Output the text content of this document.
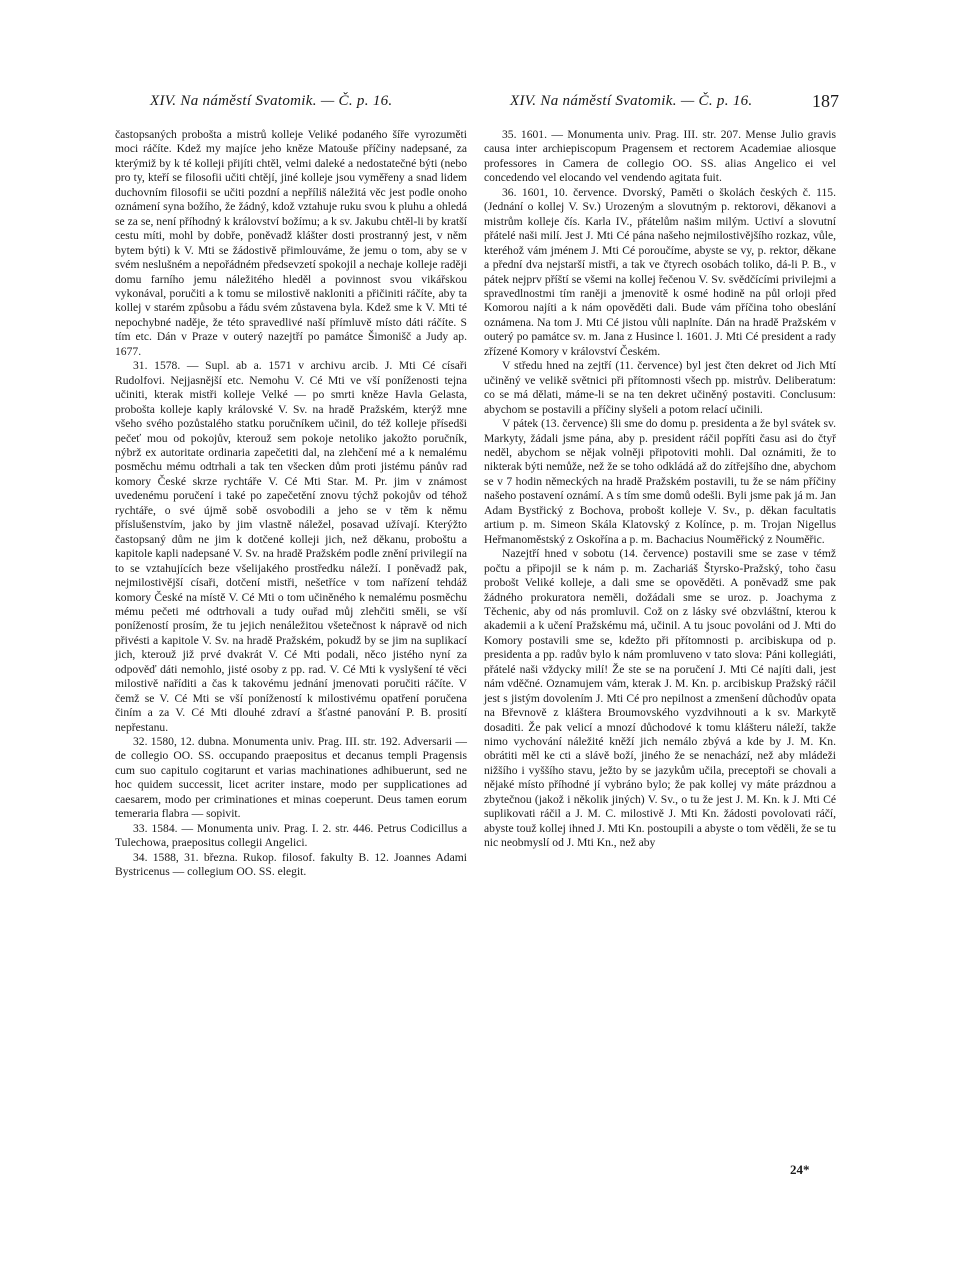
XIV. Na náměstí Svatomik. — Č. p. 16.	XIV. Na náměstí Svatomik. — Č. p. 16.	187

častopsaných probošta a mistrů kolleje Veliké podaného šíře vyrozuměti moci ráčíte. Kdež my majíce jeho kněze Matouše příčiny nadepsané, za kterýmiž by k té kolleji přijíti chtěl, velmi daleké a nedostatečné býti (nebo pro ty, kteří se filosofii učiti chtějí, jiné kolleje jsou vyměřeny a snad lidem duchovním filosofii se učiti pozdní a nepříliš náležitá věc jest podle onoho oznámení syna božího, že žádný, kdož vztahuje ruku svou k pluhu a ohledá se za se, není příhodný k království božímu; a k sv. Jakubu chtěl-li by kratší cestu míti, mohl by dobře, poněvadž klášter dosti prostranný jest, v něm bytem býti) k V. Mti se žádostivě přimlouváme, že jemu o tom, aby se v svém neslušném a nepořádném předsevzetí spokojil a nechaje kolleje raději domu farního jemu náležitého hleděl a povinnost svou vikářskou vykonával, poručiti a k tomu se milostivě nakloniti a přičiniti ráčíte, aby ta kollej v starém způsobu a řádu svém zůstavena byla. Kdež sme k V. Mti té nepochybné naděje, že této spravedlivé naší přímluvě místo dáti ráčíte. S tím etc. Dán v Praze v outerý nazejtří po památce Šimonišč a Judy ap. 1677.

31. 1578. — Supl. ab a. 1571 v archivu arcib. J. Mti Cé císaři Rudolfovi. Nejjasnější etc. Nemohu V. Cé Mti ve vší poníženosti tejna učiniti, kterak mistři kolleje Velké — po smrti kněze Havla Gelasta, probošta kolleje kaply královské V. Sv. na hradě Pražském, kterýž mne všeho svého pozůstalého statku poručníkem učinil, do též kolleje přísedši pečeť mou od pokojův, kterouž sem pokoje netoliko jakožto poručník, nýbrž ex autoritate ordinaria zapečetiti dal, na zlehčení mé a k nemalému posměchu mému odtrhali a tak ten všecken dům proti jistému pánův rad komory České skrze rychtáře V. Cé Mti Star. M. Pr. jim v známost uvedenému poručení i také po zapečetění znovu týchž pokojův od téhož rychtáře, o své újmě sobě osvobodili a jeho se v těm k němu příslušenstvím, jako by jim vlastně náležel, posavad užívají. Kterýžto častopsaný dům ne jim k dotčené kolleji jich, než děkanu, proboštu a kapitole kapli nadepsané V. Sv. na hradě Pražském podle znění privilegií na to se vztahujících beze všelijakého prostředku náleží. I poněvadž pak, nejmilostivější císaři, dotčení mistři, nešetříce v tom nařízení tehdáž komory České na místě V. Cé Mti o tom učiněného k nemalému posměchu mému pečeti mé odtrhovali a tudy ouřad můj zlehčiti směli, se vší ponížeností prosím, že tu jejich nenáležitou všetečnost k nápravě od nich přivésti a kapitole V. Sv. na hradě Pražském, pokudž by se jim na suplikací jich, kterouž již prvé dvakrát V. Cé Mti podali, něco jistého nyní za odpověď dáti nemohlo, jisté osoby z pp. rad. V. Cé Mti k vyslyšení té věci milostivě naříditi a čas k takovému jednání jmenovati poručiti ráčíte. V čemž se V. Cé Mti se vší ponížeností k milostivému opatření poručena činím a za V. Cé Mti dlouhé zdraví a šťastné panování P. B. prosití nepřestanu.

32. 1580, 12. dubna. Monumenta univ. Prag. III. str. 192. Adversarii — de collegio OO. SS. occupando praepositus et decanus templi Pragensis cum suo capitulo cogitarunt et varias machinationes adhibuerunt, sed ne hoc quidem successit, licet acriter instare, modo per supplicationes ad caesarem, modo per criminationes et minas coeperunt. Deus tamen eorum temeraria flabra — sopivit.

33. 1584. — Monumenta univ. Prag. I. 2. str. 446. Petrus Codicillus a Tulechowa, praepositus collegii Angelici.

34. 1588, 31. března. Rukop. filosof. fakulty B. 12. Joannes Adami Bystricenus — collegium OO. SS. elegit.

35. 1601. — Monumenta univ. Prag. III. str. 207. Mense Julio gravis causa inter archiepiscopum Pragensem et rectorem Academiae aliosque professores in Camera de collegio OO. SS. alias Angelico ei vel concedendo vel elocando vel vendendo agitata fuit.

36. 1601, 10. července. Dvorský, Paměti o školách českých č. 115. (Jednání o kollej V. Sv.) Urozeným a slovutným p. rektorovi, děkanovi a mistrům kolleje čís. Karla IV., přátelům našim milým. Uctiví a slovutní přátelé naši milí. Jest J. Mti Cé pána našeho nejmilostivějšího rozkaz, vůle, kteréhož vám jménem J. Mti Cé poroučíme, abyste se vy, p. rektor, děkane a přední dva nejstarší mistři, a tak ve čtyrech osobách toliko, dá-li P. B., v pátek nejprv příští se všemi na kollej řečenou V. Sv. svědčícími privilejmi a spravedlnostmi tím raněji a jmenovitě k osmé hodině na půl orloji před Komorou najíti a k nám opověděti dali. Bude vám příčina toho obeslání oznámena. Na tom J. Mti Cé jistou vůli naplníte. Dán na hradě Pražském v outerý po památce sv. m. Jana z Husince l. 1601. J. Mti Cé president a rady zřízené Komory v království Českém.

V středu hned na zejtří (11. července) byl jest čten dekret od Jich Mtí učiněný ve velikě světnici při přítomnosti všech pp. mistrův. Deliberatum: co se má dělati, máme-li se na ten dekret učiněný postaviti. Conclusum: abychom se postavili a příčiny slyšeli a potom relací učinili.

V pátek (13. července) šli sme do domu p. presidenta a že byl svátek sv. Markyty, žádali jsme pána, aby p. president ráčil popříti času asi do čtyř neděl, abychom se nějak volněji připotoviti mohli. Dal oznámiti, že to nikterak býti nemůže, než že se toho odkládá až do zítřejšího dne, abychom se v 7 hodin německých na hradě Pražském postavili, tu že se nám příčiny našeho postavení oznámí. A s tím sme domů odešli. Byli jsme pak já m. Jan Adam Bystřický z Bochova, probošt kolleje V. Sv., p. děkan facultatis artium p. m. Simeon Skála Klatovský z Kolínce, p. m. Trojan Nigellus Heřmanoměstský z Oskořína a p. m. Bachacius Nouměřický z Nouměřic.

Nazejtří hned v sobotu (14. července) postavili sme se zase v témž počtu a připojil se k nám p. m. Zachariáš Štyrsko-Pražský, toho času probošt Veliké kolleje, a dali sme se opověděti. A poněvadž sme pak žádného prokuratora neměli, dožádali sme se uroz. p. Joachyma z Těchenic, aby od nás promluvil. Což on z lásky své obzvláštní, kterou k akademii a k učení Pražskému má, učinil. A tu jsouc povoláni od J. Mti do Komory postavili sme se, kdežto při přítomnosti p. arcibiskupa od p. presidenta a pp. radův bylo k nám promluveno v tato slova: Páni kollegiáti, přátelé naši vždycky milí! Že ste se na poručení J. Mti Cé najíti dali, jest nám vděčné. Oznamujem vám, kterak J. M. Kn. p. arcibiskup Pražský ráčil jest s jistým dovolením J. Mti Cé pro nepilnost a zmenšení důchodův opata na Břevnově z kláštera Broumovského vyzdvihnouti a k sv. Markytě dosaditi. Že pak velicí a mnozí důchodové k tomu klášteru náleží, takže nimo vychování náležité kněží jich nemálo zbývá a kde by J. M. Kn. obrátiti měl ke cti a slávě boží, jiného že se nenachází, než aby mládeži nižšího i vyššího stavu, ježto by se jazykům učila, preceptoři se chovali a nějaké místo příhodné jí vybráno bylo; že pak kollej vy máte prázdnou a zbytečnou (jakož i několik jiných) V. Sv., o tu že jest J. M. Kn. k J. Mti Cé suplikovati ráčil a J. M. C. milostivě J. Mti Kn. žádosti povolovati ráčí, abyste touž kollej ihned J. Mti Kn. postoupili a abyste o tom věděli, že se tu nic neobmyslí od J. Mti Kn., než aby

24*
